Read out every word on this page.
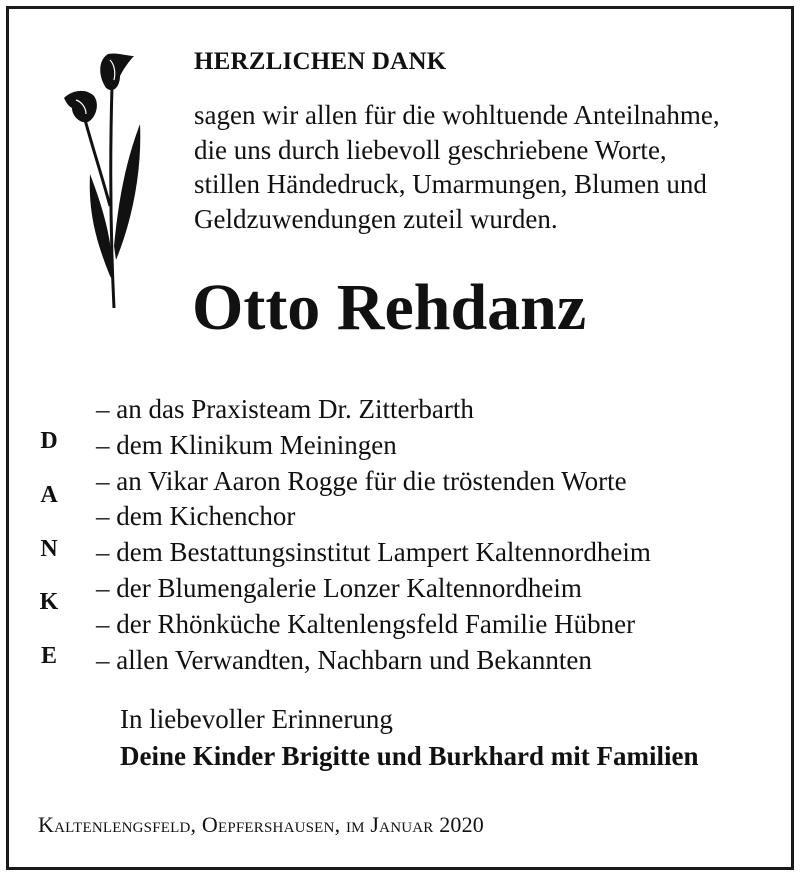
HERZLICHEN DANK
sagen wir allen für die wohltuende Anteilnahme,
die uns durch liebevoll geschriebene Worte,
stillen Händedruck, Umarmungen, Blumen und
Geldzuwendungen zuteil wurden.
Otto Rehdanz
D
A
N
K
E
– an das Praxisteam Dr. Zitterbarth
– dem Klinikum Meiningen
– an Vikar Aaron Rogge für die tröstenden Worte
– dem Kichenchor
– dem Bestattungsinstitut Lampert Kaltennordheim
– der Blumengalerie Lonzer Kaltennordheim
– der Rhönküche Kaltenlengsfeld Familie Hübner
– allen Verwandten, Nachbarn und Bekannten
In liebevoller Erinnerung
Deine Kinder Brigitte und Burkhard mit Familien
Kaltenlengsfeld, Oepfershausen, im Januar 2020
